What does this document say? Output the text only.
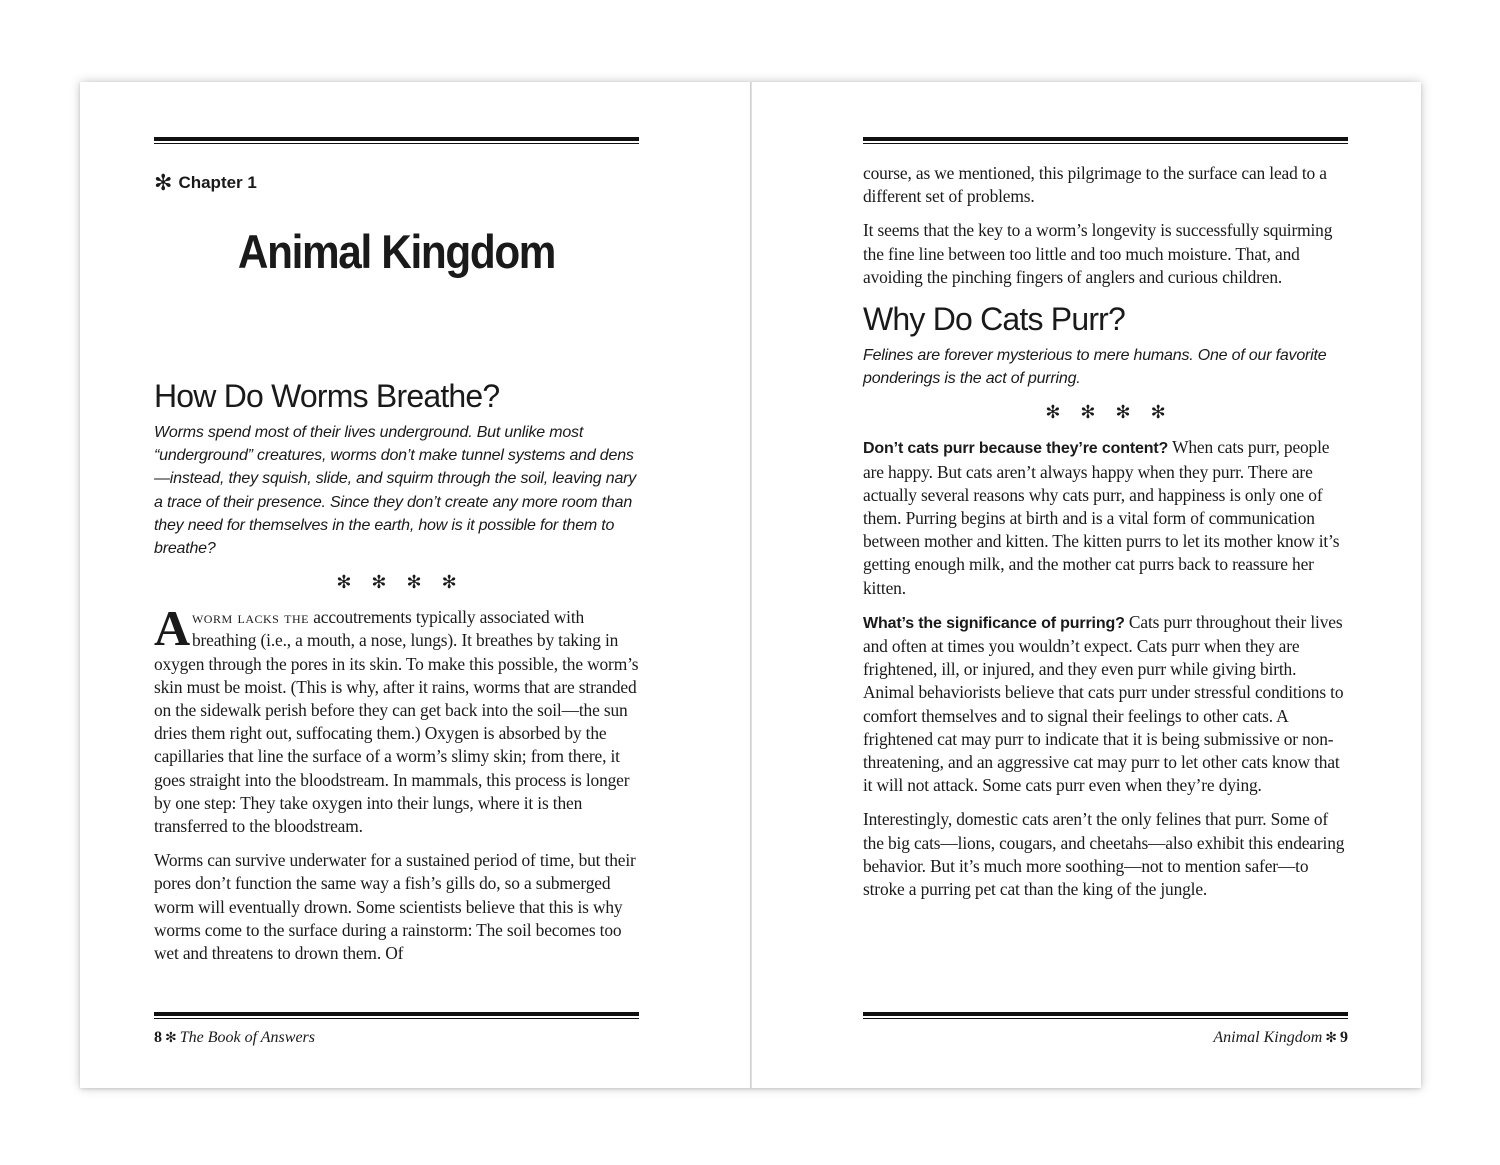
✻ Chapter 1
Animal Kingdom
How Do Worms Breathe?

Worms spend most of their lives underground. But unlike most “underground” creatures, worms don’t make tunnel systems and dens—instead, they squish, slide, and squirm through the soil, leaving nary a trace of their presence. Since they don’t create any more room than they need for themselves in the earth, how is it possible for them to breathe?

✻✻✻✻

Aworm lacks the accoutrements typically associated with breathing (i.e., a mouth, a nose, lungs). It breathes by taking in oxygen through the pores in its skin. To make this possible, the worm’s skin must be moist. (This is why, after it rains, worms that are stranded on the sidewalk perish before they can get back into the soil—the sun dries them right out, suffocating them.) Oxygen is absorbed by the capillaries that line the surface of a worm’s slimy skin; from there, it goes straight into the bloodstream. In mammals, this process is longer by one step: They take oxygen into their lungs, where it is then transferred to the bloodstream.

Worms can survive underwater for a sustained period of time, but their pores don’t function the same way a fish’s gills do, so a submerged worm will eventually drown. Some scientists believe that this is why worms come to the surface during a rainstorm: The soil becomes too wet and threatens to drown them. Of

8 ✻ The Book of Answers

course, as we mentioned, this pilgrimage to the surface can lead to a different set of problems.

It seems that the key to a worm’s longevity is successfully squirming the fine line between too little and too much moisture. That, and avoiding the pinching fingers of anglers and curious children.

Why Do Cats Purr?

Felines are forever mysterious to mere humans. One of our favorite ponderings is the act of purring.

✻✻✻✻

Don’t cats purr because they’re content? When cats purr, people are happy. But cats aren’t always happy when they purr. There are actually several reasons why cats purr, and happiness is only one of them. Purring begins at birth and is a vital form of communication between mother and kitten. The kitten purrs to let its mother know it’s getting enough milk, and the mother cat purrs back to reassure her kitten.

What’s the significance of purring? Cats purr throughout their lives and often at times you wouldn’t expect. Cats purr when they are frightened, ill, or injured, and they even purr while giving birth. Animal behaviorists believe that cats purr under stressful conditions to comfort themselves and to signal their feelings to other cats. A frightened cat may purr to indicate that it is being submissive or non-threatening, and an aggressive cat may purr to let other cats know that it will not attack. Some cats purr even when they’re dying.

Interestingly, domestic cats aren’t the only felines that purr. Some of the big cats—lions, cougars, and cheetahs—also exhibit this endearing behavior. But it’s much more soothing—not to mention safer—to stroke a purring pet cat than the king of the jungle.

Animal Kingdom ✻ 9
